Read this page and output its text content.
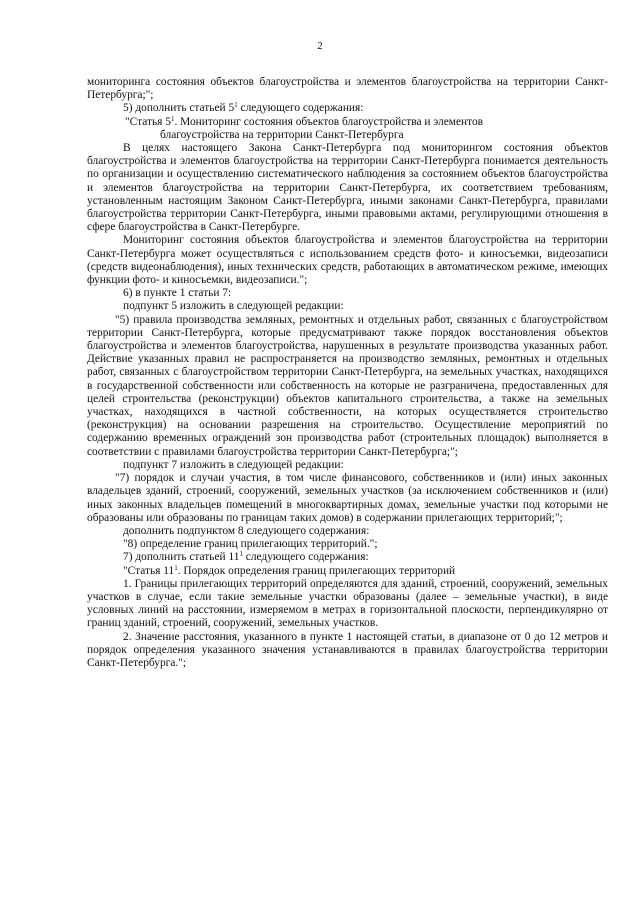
2

мониторинга состояния объектов благоустройства и элементов благоустройства на территории Санкт-Петербурга;";

5) дополнить статьей $5^1$ следующего содержания:

"Статья $5^1$. Мониторинг состояния объектов благоустройства и элементов

благоустройства на территории Санкт-Петербурга

В целях настоящего Закона Санкт-Петербурга под мониторингом состояния объектов благоустройства и элементов благоустройства на территории Санкт-Петербурга понимается деятельность по организации и осуществлению систематического наблюдения за состоянием объектов благоустройства и элементов благоустройства на территории Санкт-Петербурга, их соответствием требованиям, установленным настоящим Законом Санкт-Петербурга, иными законами Санкт-Петербурга, правилами благоустройства территории Санкт-Петербурга, иными правовыми актами, регулирующими отношения в сфере благоустройства в Санкт-Петербурге.

Мониторинг состояния объектов благоустройства и элементов благоустройства на территории Санкт-Петербурга может осуществляться с использованием средств фото- и киносъемки, видеозаписи (средств видеонаблюдения), иных технических средств, работающих в автоматическом режиме, имеющих функции фото- и киносъемки, видеозаписи.";

6) в пункте 1 статьи 7:

подпункт 5 изложить в следующей редакции:

"5) правила производства земляных, ремонтных и отдельных работ, связанных с благоустройством территории Санкт-Петербурга, которые предусматривают также порядок восстановления объектов благоустройства и элементов благоустройства, нарушенных в результате производства указанных работ. Действие указанных правил не распространяется на производство земляных, ремонтных и отдельных работ, связанных с благоустройством территории Санкт-Петербурга, на земельных участках, находящихся в государственной собственности или собственность на которые не разграничена, предоставленных для целей строительства (реконструкции) объектов капитального строительства, а также на земельных участках, находящихся в частной собственности, на которых осуществляется строительство (реконструкция) на основании разрешения на строительство. Осуществление мероприятий по содержанию временных ограждений зон производства работ (строительных площадок) выполняется в соответствии с правилами благоустройства территории Санкт-Петербурга;";

подпункт 7 изложить в следующей редакции:

"7) порядок и случаи участия, в том числе финансового, собственников и (или) иных законных владельцев зданий, строений, сооружений, земельных участков (за исключением собственников и (или) иных законных владельцев помещений в многоквартирных домах, земельные участки под которыми не образованы или образованы по границам таких домов) в содержании прилегающих территорий;";

дополнить подпунктом 8 следующего содержания:

"8) определение границ прилегающих территорий.";

7) дополнить статьей $11^1$ следующего содержания:

"Статья $11^1$. Порядок определения границ прилегающих территорий

1. Границы прилегающих территорий определяются для зданий, строений, сооружений, земельных участков в случае, если такие земельные участки образованы (далее – земельные участки), в виде условных линий на расстоянии, измеряемом в метрах в горизонтальной плоскости, перпендикулярно от границ зданий, строений, сооружений, земельных участков.

2. Значение расстояния, указанного в пункте 1 настоящей статьи, в диапазоне от 0 до 12 метров и порядок определения указанного значения устанавливаются в правилах благоустройства территории Санкт-Петербурга.";
